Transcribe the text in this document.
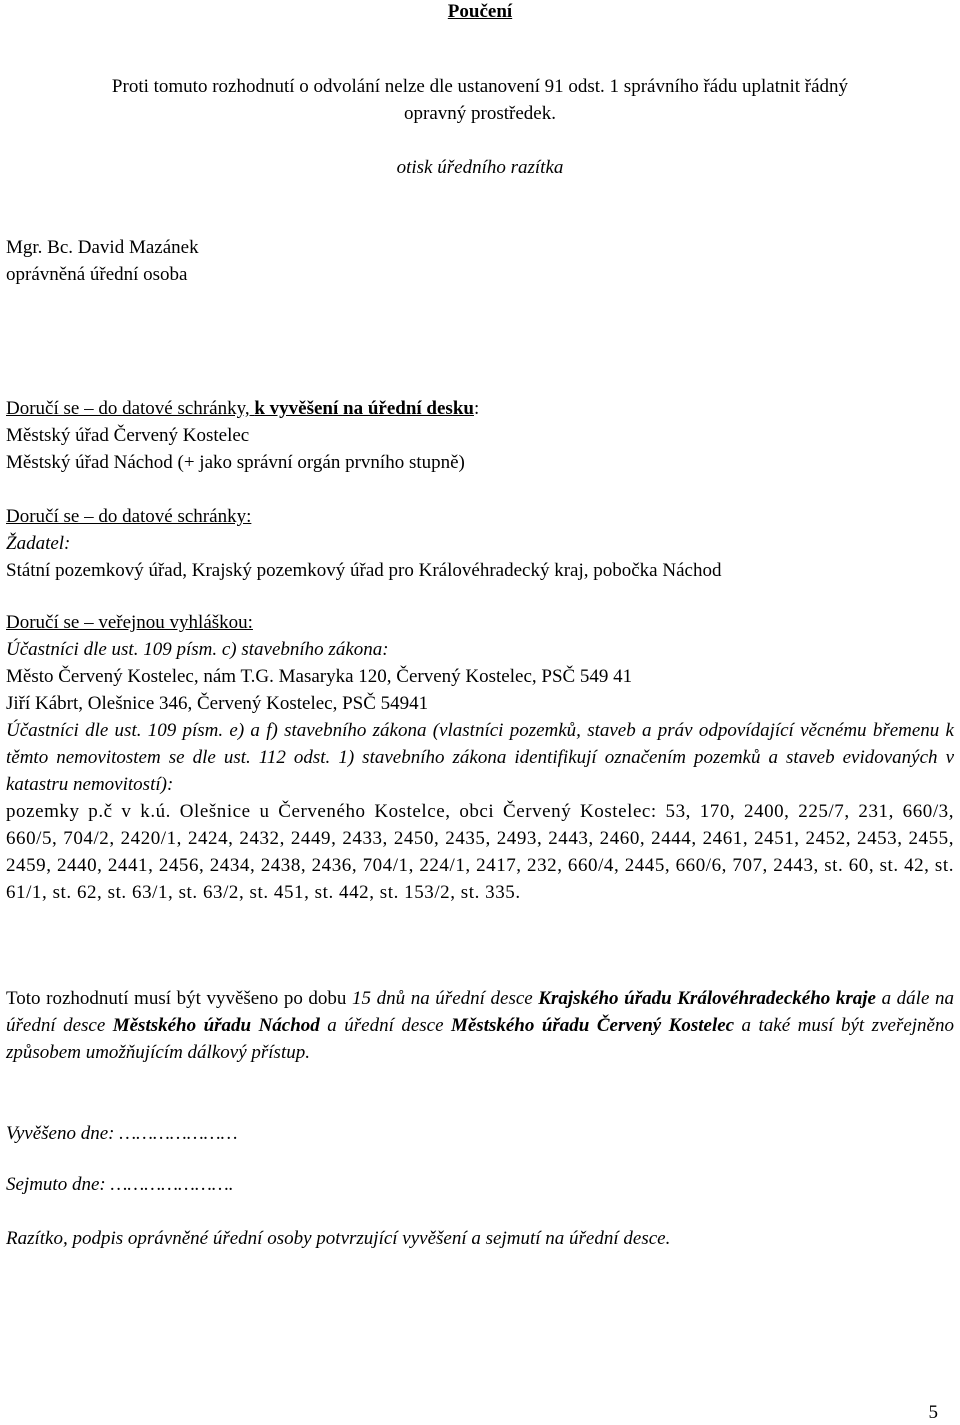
Poučení
Proti tomuto rozhodnutí o odvolání nelze dle ustanovení 91 odst. 1 správního řádu uplatnit řádný
opravný prostředek.
otisk úředního razítka
Mgr. Bc. David Mazánek
oprávněná úřední osoba
Doručí se – do datové schránky, k vyvěšení na úřední desku:
Městský úřad Červený Kostelec
Městský úřad Náchod (+ jako správní orgán prvního stupně)
Doručí se – do datové schránky:
Žadatel:
Státní pozemkový úřad, Krajský pozemkový úřad pro Královéhradecký kraj, pobočka Náchod
Doručí se – veřejnou vyhláškou:
Účastníci dle ust. 109 písm. c) stavebního zákona:
Město Červený Kostelec, nám T.G. Masaryka 120, Červený Kostelec, PSČ 549 41
Jiří Kábrt, Olešnice 346, Červený Kostelec, PSČ 54941
Účastníci dle ust. 109 písm. e) a f) stavebního zákona (vlastníci pozemků, staveb a práv odpovídající věcnému břemenu k těmto nemovitostem se dle ust. 112 odst. 1) stavebního zákona identifikují označením pozemků a staveb evidovaných v katastru nemovitostí):
pozemky p.č v k.ú. Olešnice u Červeného Kostelce, obci Červený Kostelec: 53, 170, 2400, 225/7, 231, 660/3, 660/5, 704/2, 2420/1, 2424, 2432, 2449, 2433, 2450, 2435, 2493, 2443, 2460, 2444, 2461, 2451, 2452, 2453, 2455, 2459, 2440, 2441, 2456, 2434, 2438, 2436, 704/1, 224/1, 2417, 232, 660/4, 2445, 660/6, 707, 2443, st. 60, st. 42, st. 61/1, st. 62, st. 63/1, st. 63/2, st. 451, st. 442, st. 153/2, st. 335.
Toto rozhodnutí musí být vyvěšeno po dobu 15 dnů na úřední desce Krajského úřadu Královéhradeckého kraje a dále na úřední desce Městského úřadu Náchod a úřední desce Městského úřadu Červený Kostelec a také musí být zveřejněno způsobem umožňujícím dálkový přístup.
Vyvěšeno dne: …………………
Sejmuto dne: ………………….
Razítko, podpis oprávněné úřední osoby potvrzující vyvěšení a sejmutí na úřední desce.
5
